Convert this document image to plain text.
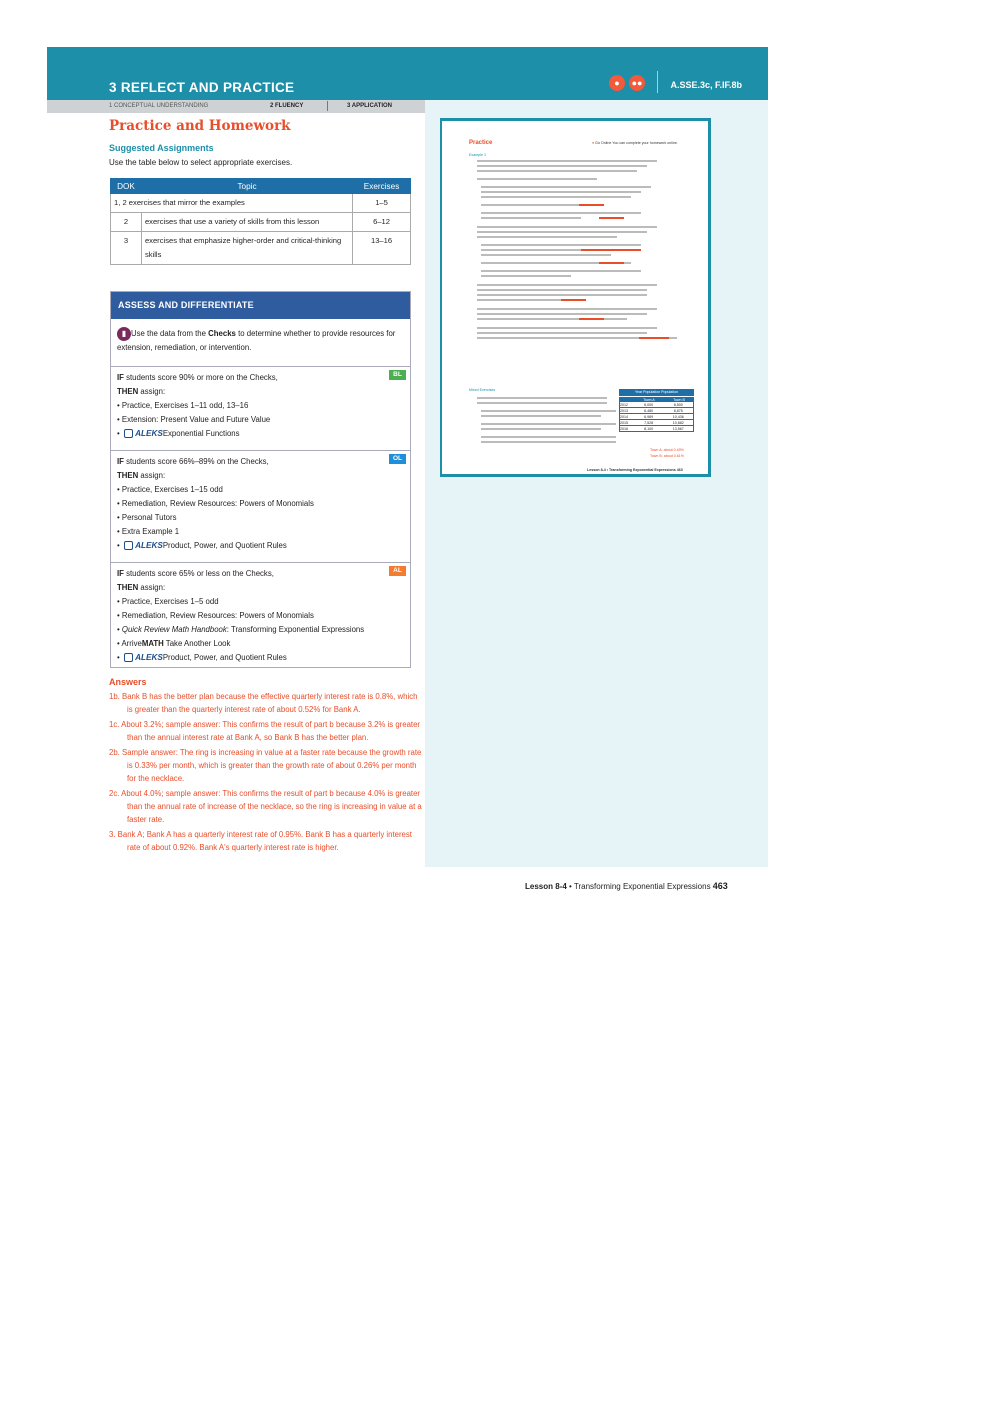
3 REFLECT AND PRACTICE	●	●●	A.SSE.3c, F.IF.8b
1 CONCEPTUAL UNDERSTANDING	2 FLUENCY	3 APPLICATION
Practice and Homework
Suggested Assignments
Use the table below to select appropriate exercises.
DOK	Topic	Exercises
1, 2 exercises that mirror the examples		1–5
2	exercises that use a variety of skills from this lesson	6–12
3	exercises that emphasize higher-order and critical-thinking skills	13–16
ASSESS AND DIFFERENTIATE
▮ Use the data from the Checks to determine whether to provide resources for extension, remediation, or intervention.
BL
IF students score 90% or more on the Checks,
THEN assign:
• Practice, Exercises 1–11 odd, 13–16
• Extension: Present Value and Future Value
•  ALEKSExponential Functions
OL
IF students score 66%–89% on the Checks,
THEN assign:
• Practice, Exercises 1–15 odd
• Remediation, Review Resources: Powers of Monomials
• Personal Tutors
• Extra Example 1
•  ALEKSProduct, Power, and Quotient Rules
AL
IF students score 65% or less on the Checks,
THEN assign:
• Practice, Exercises 1–5 odd
• Remediation, Review Resources: Powers of Monomials
• Quick Review Math Handbook: Transforming Exponential Expressions
• ArriveMATH Take Another Look
•  ALEKSProduct, Power, and Quotient Rules
Answers

1b. Bank B has the better plan because the effective quarterly interest rate is 0.8%, which is greater than the quarterly interest rate of about 0.52% for Bank A.

1c. About 3.2%; sample answer: This confirms the result of part b because 3.2% is greater than the annual interest rate at Bank A, so Bank B has the better plan.

2b. Sample answer: The ring is increasing in value at a faster rate because the growth rate is 0.33% per month, which is greater than the growth rate of about 0.26% per month for the necklace.

2c. About 4.0%; sample answer: This confirms the result of part b because 4.0% is greater than the annual rate of increase of the necklace, so the ring is increasing in value at a faster rate.

3. Bank A; Bank A has a quarterly interest rate of 0.95%. Bank B has a quarterly interest rate of about 0.92%. Bank A's quarterly interest rate is higher.

Practice	● Go Online You can complete your homework online.
Example 1
Mixed Exercises	Year Population Population
Town A	Town B
2012	6,000	8,500
2013	6,480	8,875
2014	6,989	10,436
2015	7,528	10,882
2016	8,100	13,567
Town A: about 0.49%
Town B: about 0.61%
Lesson 8-4 • Transforming Exponential Expressions 463
Lesson 8-4 • Transforming Exponential Expressions 463
